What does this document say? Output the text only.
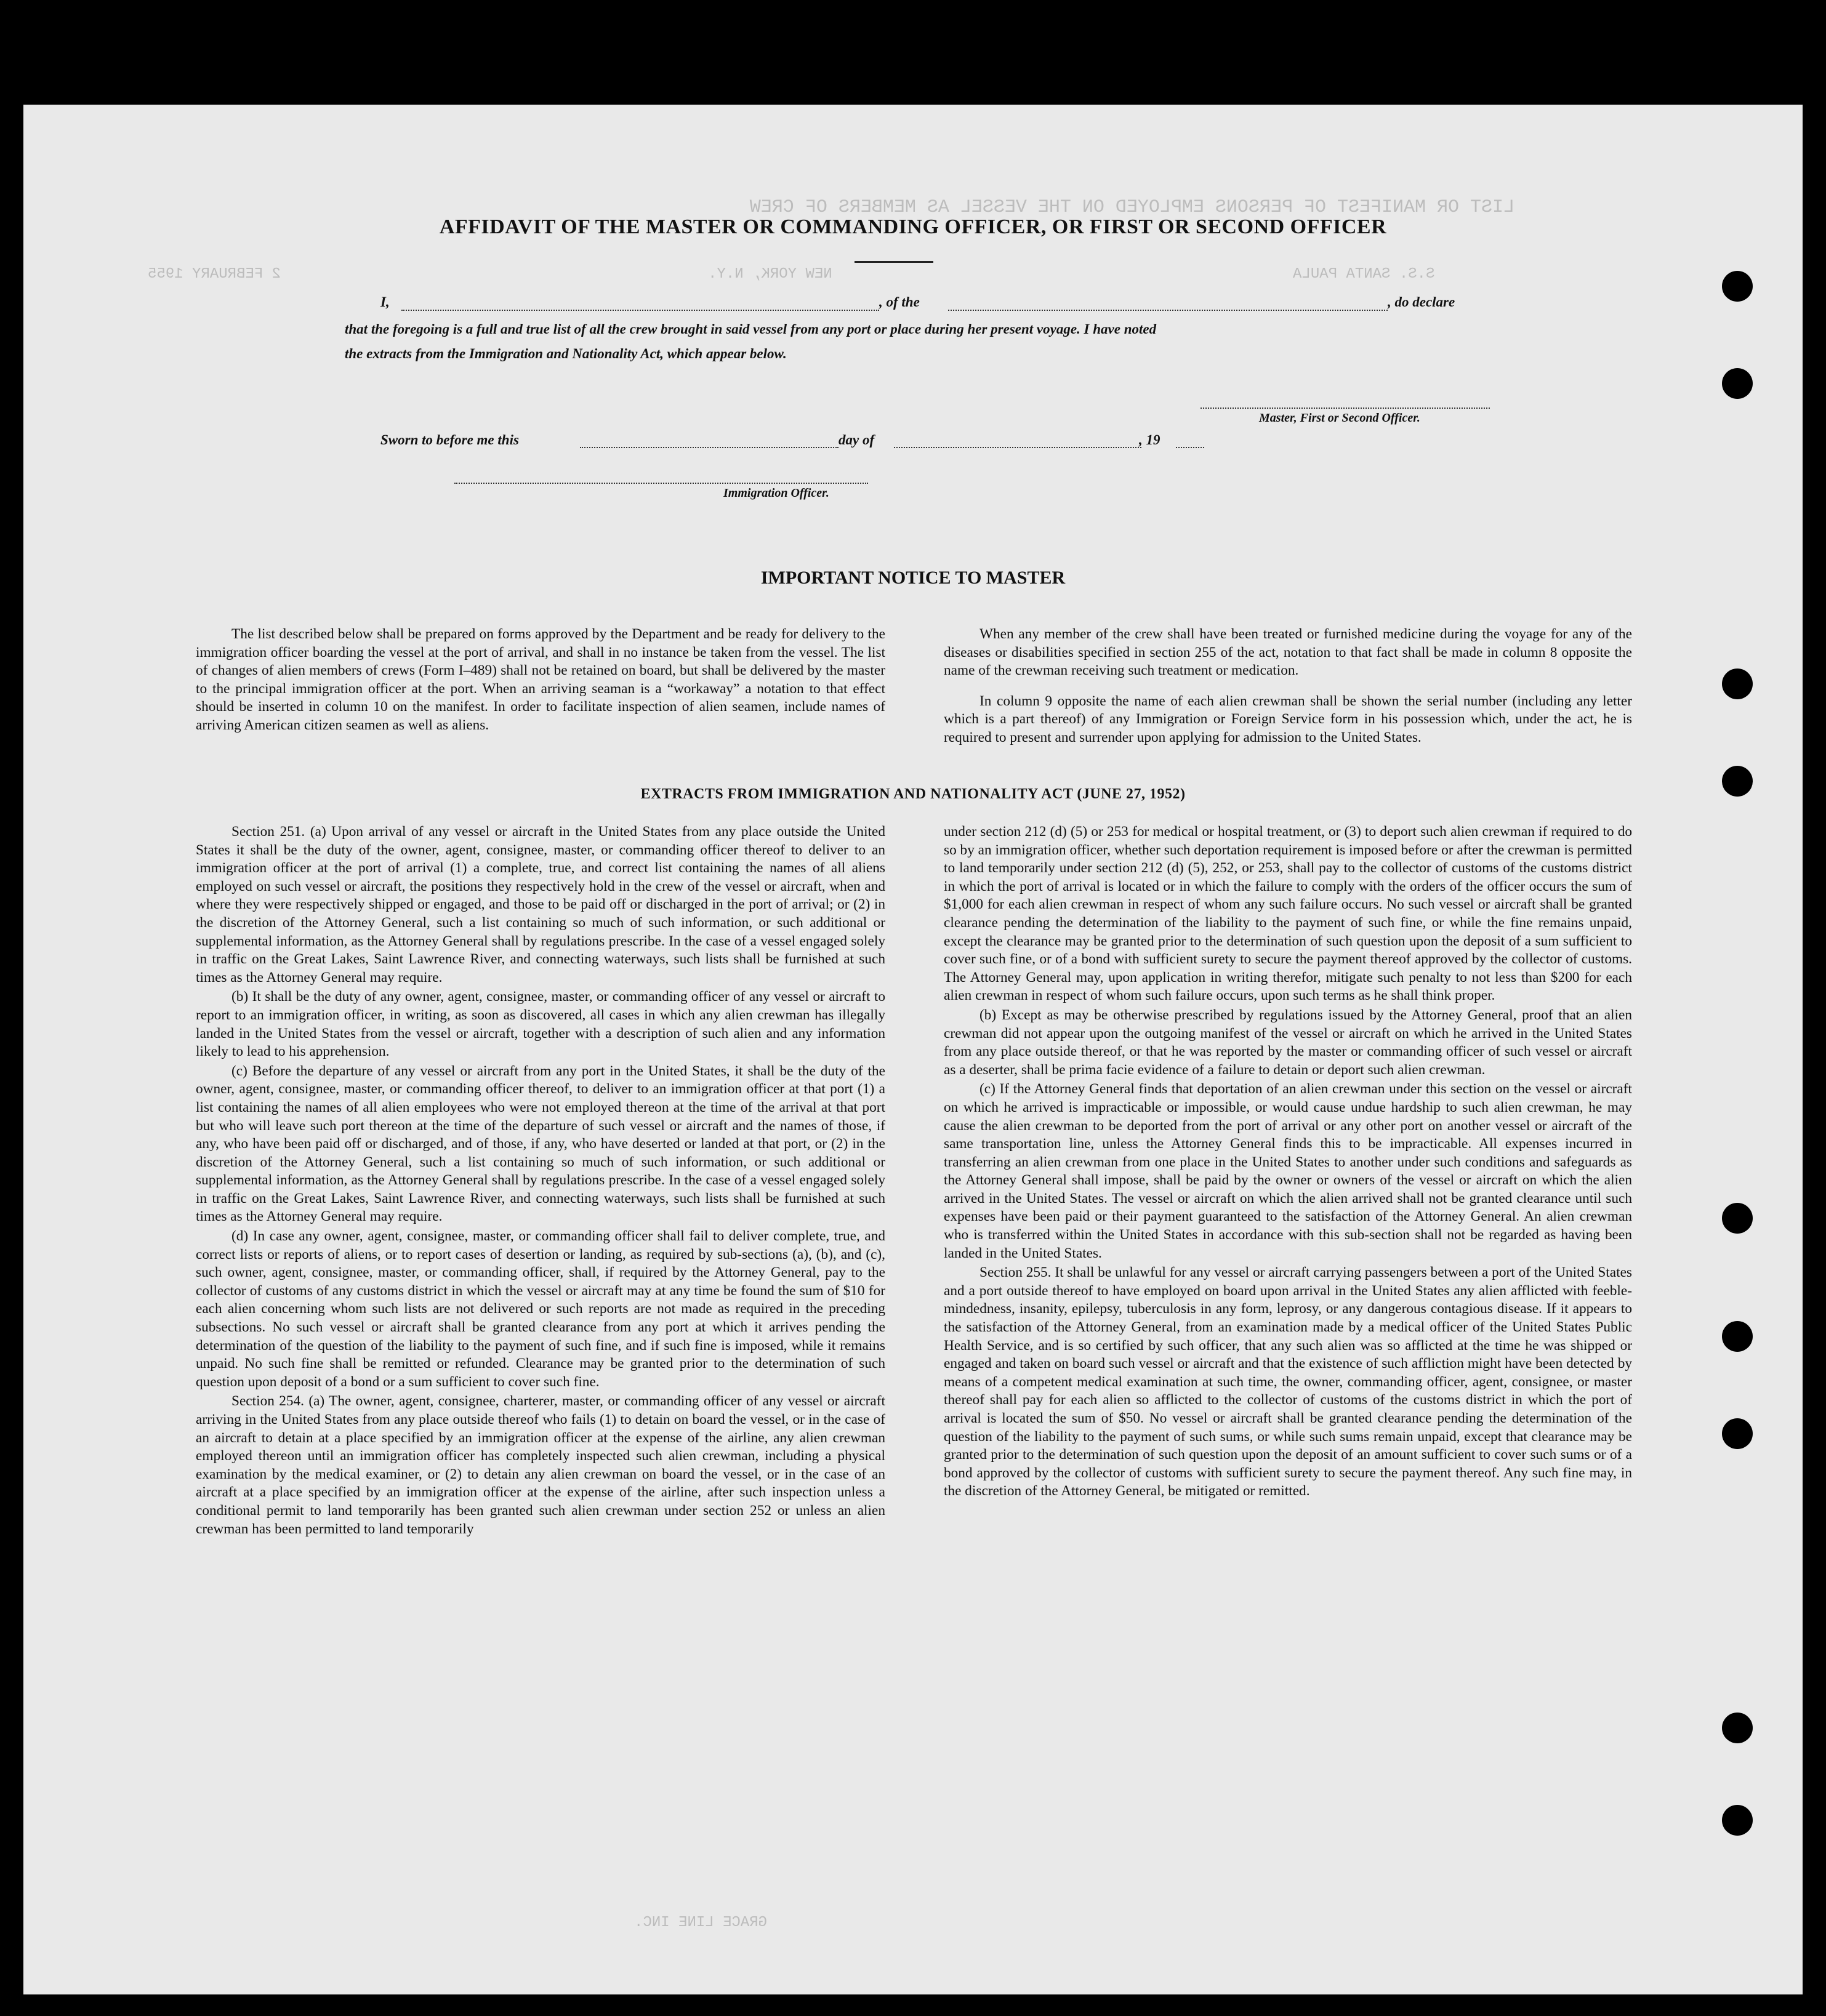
LIST OR MANIFEST OF PERSONS EMPLOYED ON THE VESSEL AS MEMBERS OF CREW
S.S. SANTA PAULA
NEW YORK, N.Y.
2 FEBRUARY 1955
GRACE LINE INC.
AFFIDAVIT OF THE MASTER OR COMMANDING OFFICER, OR FIRST OR SECOND OFFICER
I,	, of the	, do declare
that the foregoing is a full and true list of all the crew brought in said vessel from any port or place during her present voyage. I have noted
the extracts from the Immigration and Nationality Act, which appear below.
Master, First or Second Officer.
Sworn to before me this	day of	, 19
Immigration Officer.
IMPORTANT NOTICE TO MASTER

The list described below shall be prepared on forms approved by the Department and be ready for delivery to the immigration officer boarding the vessel at the port of arrival, and shall in no instance be taken from the vessel. The list of changes of alien members of crews (Form I–489) shall not be retained on board, but shall be delivered by the master to the principal immigration officer at the port. When an arriving seaman is a “workaway” a notation to that effect should be inserted in column 10 on the manifest. In order to facilitate inspection of alien seamen, include names of arriving American citizen seamen as well as aliens.

When any member of the crew shall have been treated or furnished medicine during the voyage for any of the diseases or disabilities specified in section 255 of the act, notation to that fact shall be made in column 8 opposite the name of the crewman receiving such treatment or medication.

In column 9 opposite the name of each alien crewman shall be shown the serial number (including any letter which is a part thereof) of any Immigration or Foreign Service form in his possession which, under the act, he is required to present and surrender upon applying for admission to the United States.

EXTRACTS FROM IMMIGRATION AND NATIONALITY ACT (JUNE 27, 1952)

Section 251. (a) Upon arrival of any vessel or aircraft in the United States from any place outside the United States it shall be the duty of the owner, agent, consignee, master, or commanding officer thereof to deliver to an immigration officer at the port of arrival (1) a complete, true, and correct list containing the names of all aliens employed on such vessel or aircraft, the positions they respectively hold in the crew of the vessel or aircraft, when and where they were respectively shipped or engaged, and those to be paid off or discharged in the port of arrival; or (2) in the discretion of the Attorney General, such a list containing so much of such information, or such additional or supplemental information, as the Attorney General shall by regulations prescribe. In the case of a vessel engaged solely in traffic on the Great Lakes, Saint Lawrence River, and connecting waterways, such lists shall be furnished at such times as the Attorney General may require.

(b) It shall be the duty of any owner, agent, consignee, master, or commanding officer of any vessel or aircraft to report to an immigration officer, in writing, as soon as discovered, all cases in which any alien crewman has illegally landed in the United States from the vessel or aircraft, together with a description of such alien and any information likely to lead to his apprehension.

(c) Before the departure of any vessel or aircraft from any port in the United States, it shall be the duty of the owner, agent, consignee, master, or commanding officer thereof, to deliver to an immigration officer at that port (1) a list containing the names of all alien employees who were not employed thereon at the time of the arrival at that port but who will leave such port thereon at the time of the departure of such vessel or aircraft and the names of those, if any, who have been paid off or discharged, and of those, if any, who have deserted or landed at that port, or (2) in the discretion of the Attorney General, such a list containing so much of such information, or such additional or supplemental information, as the Attorney General shall by regulations prescribe. In the case of a vessel engaged solely in traffic on the Great Lakes, Saint Lawrence River, and connecting waterways, such lists shall be furnished at such times as the Attorney General may require.

(d) In case any owner, agent, consignee, master, or commanding officer shall fail to deliver complete, true, and correct lists or reports of aliens, or to report cases of desertion or landing, as required by sub-sections (a), (b), and (c), such owner, agent, consignee, master, or commanding officer, shall, if required by the Attorney General, pay to the collector of customs of any customs district in which the vessel or aircraft may at any time be found the sum of $10 for each alien concerning whom such lists are not delivered or such reports are not made as required in the preceding subsections. No such vessel or aircraft shall be granted clearance from any port at which it arrives pending the determination of the question of the liability to the payment of such fine, and if such fine is imposed, while it remains unpaid. No such fine shall be remitted or refunded. Clearance may be granted prior to the determination of such question upon deposit of a bond or a sum sufficient to cover such fine.

Section 254. (a) The owner, agent, consignee, charterer, master, or commanding officer of any vessel or aircraft arriving in the United States from any place outside thereof who fails (1) to detain on board the vessel, or in the case of an aircraft to detain at a place specified by an immigration officer at the expense of the airline, any alien crewman employed thereon until an immigration officer has completely inspected such alien crewman, including a physical examination by the medical examiner, or (2) to detain any alien crewman on board the vessel, or in the case of an aircraft at a place specified by an immigration officer at the expense of the airline, after such inspection unless a conditional permit to land temporarily has been granted such alien crewman under section 252 or unless an alien crewman has been permitted to land temporarily

under section 212 (d) (5) or 253 for medical or hospital treatment, or (3) to deport such alien crewman if required to do so by an immigration officer, whether such deportation requirement is imposed before or after the crewman is permitted to land temporarily under section 212 (d) (5), 252, or 253, shall pay to the collector of customs of the customs district in which the port of arrival is located or in which the failure to comply with the orders of the officer occurs the sum of $1,000 for each alien crewman in respect of whom any such failure occurs. No such vessel or aircraft shall be granted clearance pending the determination of the liability to the payment of such fine, or while the fine remains unpaid, except the clearance may be granted prior to the determination of such question upon the deposit of a sum sufficient to cover such fine, or of a bond with sufficient surety to secure the payment thereof approved by the collector of customs. The Attorney General may, upon application in writing therefor, mitigate such penalty to not less than $200 for each alien crewman in respect of whom such failure occurs, upon such terms as he shall think proper.

(b) Except as may be otherwise prescribed by regulations issued by the Attorney General, proof that an alien crewman did not appear upon the outgoing manifest of the vessel or aircraft on which he arrived in the United States from any place outside thereof, or that he was reported by the master or commanding officer of such vessel or aircraft as a deserter, shall be prima facie evidence of a failure to detain or deport such alien crewman.

(c) If the Attorney General finds that deportation of an alien crewman under this section on the vessel or aircraft on which he arrived is impracticable or impossible, or would cause undue hardship to such alien crewman, he may cause the alien crewman to be deported from the port of arrival or any other port on another vessel or aircraft of the same transportation line, unless the Attorney General finds this to be impracticable. All expenses incurred in transferring an alien crewman from one place in the United States to another under such conditions and safeguards as the Attorney General shall impose, shall be paid by the owner or owners of the vessel or aircraft on which the alien arrived in the United States. The vessel or aircraft on which the alien arrived shall not be granted clearance until such expenses have been paid or their payment guaranteed to the satisfaction of the Attorney General. An alien crewman who is transferred within the United States in accordance with this sub-section shall not be regarded as having been landed in the United States.

Section 255. It shall be unlawful for any vessel or aircraft carrying passengers between a port of the United States and a port outside thereof to have employed on board upon arrival in the United States any alien afflicted with feeble-mindedness, insanity, epilepsy, tuberculosis in any form, leprosy, or any dangerous contagious disease. If it appears to the satisfaction of the Attorney General, from an examination made by a medical officer of the United States Public Health Service, and is so certified by such officer, that any such alien was so afflicted at the time he was shipped or engaged and taken on board such vessel or aircraft and that the existence of such affliction might have been detected by means of a competent medical examination at such time, the owner, commanding officer, agent, consignee, or master thereof shall pay for each alien so afflicted to the collector of customs of the customs district in which the port of arrival is located the sum of $50. No vessel or aircraft shall be granted clearance pending the determination of the question of the liability to the payment of such sums, or while such sums remain unpaid, except that clearance may be granted prior to the determination of such question upon the deposit of an amount sufficient to cover such sums or of a bond approved by the collector of customs with sufficient surety to secure the payment thereof. Any such fine may, in the discretion of the Attorney General, be mitigated or remitted.
